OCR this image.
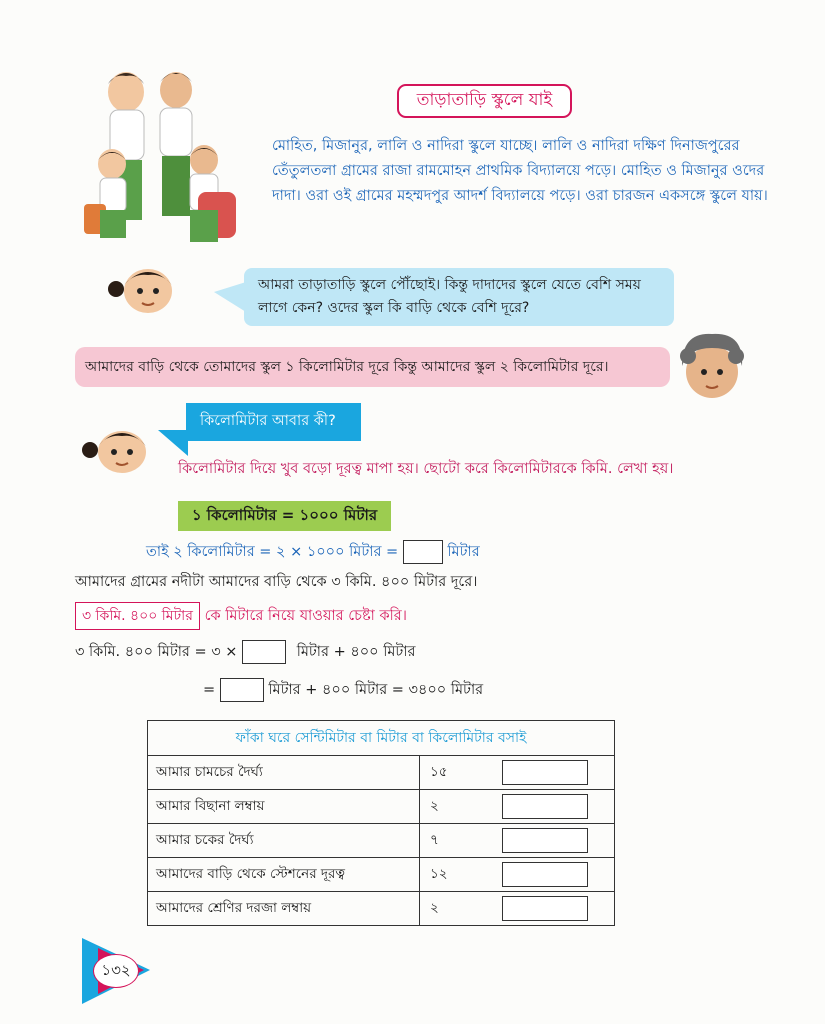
তাড়াতাড়ি স্কুলে যাই
মোহিত, মিজানুর, লালি ও নাদিরা স্কুলে যাচ্ছে। লালি ও নাদিরা দক্ষিণ দিনাজপুরের তেঁতুলতলা গ্রামের রাজা রামমোহন প্রাথমিক বিদ্যালয়ে পড়ে। মোহিত ও মিজানুর ওদের দাদা। ওরা ওই গ্রামের মহম্মদপুর আদর্শ বিদ্যালয়ে পড়ে। ওরা চারজন একসঙ্গে স্কুলে যায়।
আমরা তাড়াতাড়ি স্কুলে পৌঁছোই। কিন্তু দাদাদের স্কুলে যেতে বেশি সময় লাগে কেন? ওদের স্কুল কি বাড়ি থেকে বেশি দূরে?
আমাদের বাড়ি থেকে তোমাদের স্কুল ১ কিলোমিটার দূরে কিন্তু আমাদের স্কুল ২ কিলোমিটার দূরে।
কিলোমিটার আবার কী?
কিলোমিটার দিয়ে খুব বড়ো দূরত্ব মাপা হয়। ছোটো করে কিলোমিটারকে কিমি. লেখা হয়।
১ কিলোমিটার = ১০০০ মিটার
তাই ২ কিলোমিটার = ২ × ১০০০ মিটার =	মিটার
আমাদের গ্রামের নদীটা আমাদের বাড়ি থেকে ৩ কিমি. ৪০০ মিটার দূরে।
৩ কিমি. ৪০০ মিটার কে মিটারে নিয়ে যাওয়ার চেষ্টা করি।
৩ কিমি. ৪০০ মিটার = ৩ ×	মিটার + ৪০০ মিটার
=	মিটার + ৪০০ মিটার = ৩৪০০ মিটার
ফাঁকা ঘরে সেন্টিমিটার বা মিটার বা কিলোমিটার বসাই		
আমার চামচের দৈর্ঘ্য	১৫	

আমার বিছানা লম্বায়	২	

আমার চকের দৈর্ঘ্য	৭	

আমাদের বাড়ি থেকে স্টেশনের দূরত্ব	১২	

আমাদের শ্রেণির দরজা লম্বায়	২	
১৩২
